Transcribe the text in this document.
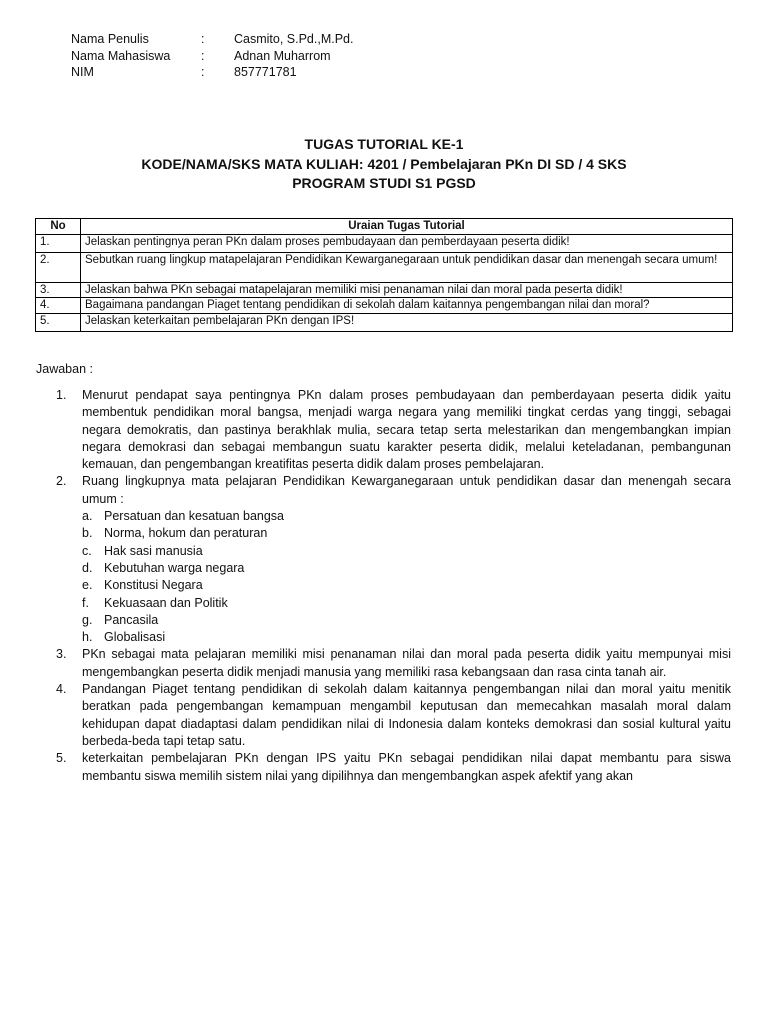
Nama Penulis	:	Casmito, S.Pd.,M.Pd.
Nama Mahasiswa	:	Adnan Muharrom
NIM	:	857771781
TUGAS TUTORIAL KE-1
KODE/NAMA/SKS MATA KULIAH: 4201 / Pembelajaran PKn DI SD / 4 SKS
PROGRAM STUDI S1 PGSD
No	Uraian Tugas Tutorial
1.	Jelaskan pentingnya peran PKn dalam proses pembudayaan dan pemberdayaan peserta didik!
2.	Sebutkan ruang lingkup matapelajaran Pendidikan Kewarganegaraan untuk pendidikan dasar dan menengah secara umum!
3.	Jelaskan bahwa PKn sebagai matapelajaran memiliki misi penanaman nilai dan moral pada peserta didik!
4.	Bagaimana pandangan Piaget tentang pendidikan di sekolah dalam kaitannya pengembangan nilai dan moral?
5.	Jelaskan keterkaitan pembelajaran PKn dengan IPS!
Jawaban :
1.	Menurut pendapat saya pentingnya PKn dalam proses pembudayaan dan pemberdayaan peserta didik yaitu membentuk pendidikan moral bangsa, menjadi warga negara yang memiliki tingkat cerdas yang tinggi, sebagai negara demokratis, dan pastinya berakhlak mulia, secara tetap serta melestarikan dan mengembangkan impian negara demokrasi dan sebagai membangun suatu karakter peserta didik, melalui keteladanan, pembangunan kemauan, dan pengembangan kreatifitas peserta didik dalam proses pembelajaran.
2.	Ruang lingkupnya mata pelajaran Pendidikan Kewarganegaraan untuk pendidikan dasar dan menengah secara umum :
a. Persatuan dan kesatuan bangsa
b. Norma, hokum dan peraturan
c. Hak sasi manusia
d. Kebutuhan warga negara
e. Konstitusi Negara
f.	Kekuasaan dan Politik
g. Pancasila
h. Globalisasi
3.	PKn sebagai mata pelajaran memiliki misi penanaman nilai dan moral pada peserta didik yaitu mempunyai misi mengembangkan peserta didik menjadi manusia yang memiliki rasa kebangsaan dan rasa cinta tanah air.
4.	Pandangan Piaget tentang pendidikan di sekolah dalam kaitannya pengembangan nilai dan moral yaitu menitik beratkan pada pengembangan kemampuan mengambil keputusan dan memecahkan masalah moral dalam kehidupan dapat diadaptasi dalam pendidikan nilai di Indonesia dalam konteks demokrasi dan sosial kultural yaitu berbeda-beda tapi tetap satu.
5.	keterkaitan pembelajaran PKn dengan IPS yaitu PKn sebagai pendidikan nilai dapat membantu para siswa membantu siswa memilih sistem nilai yang dipilihnya dan mengembangkan aspek afektif yang akan
